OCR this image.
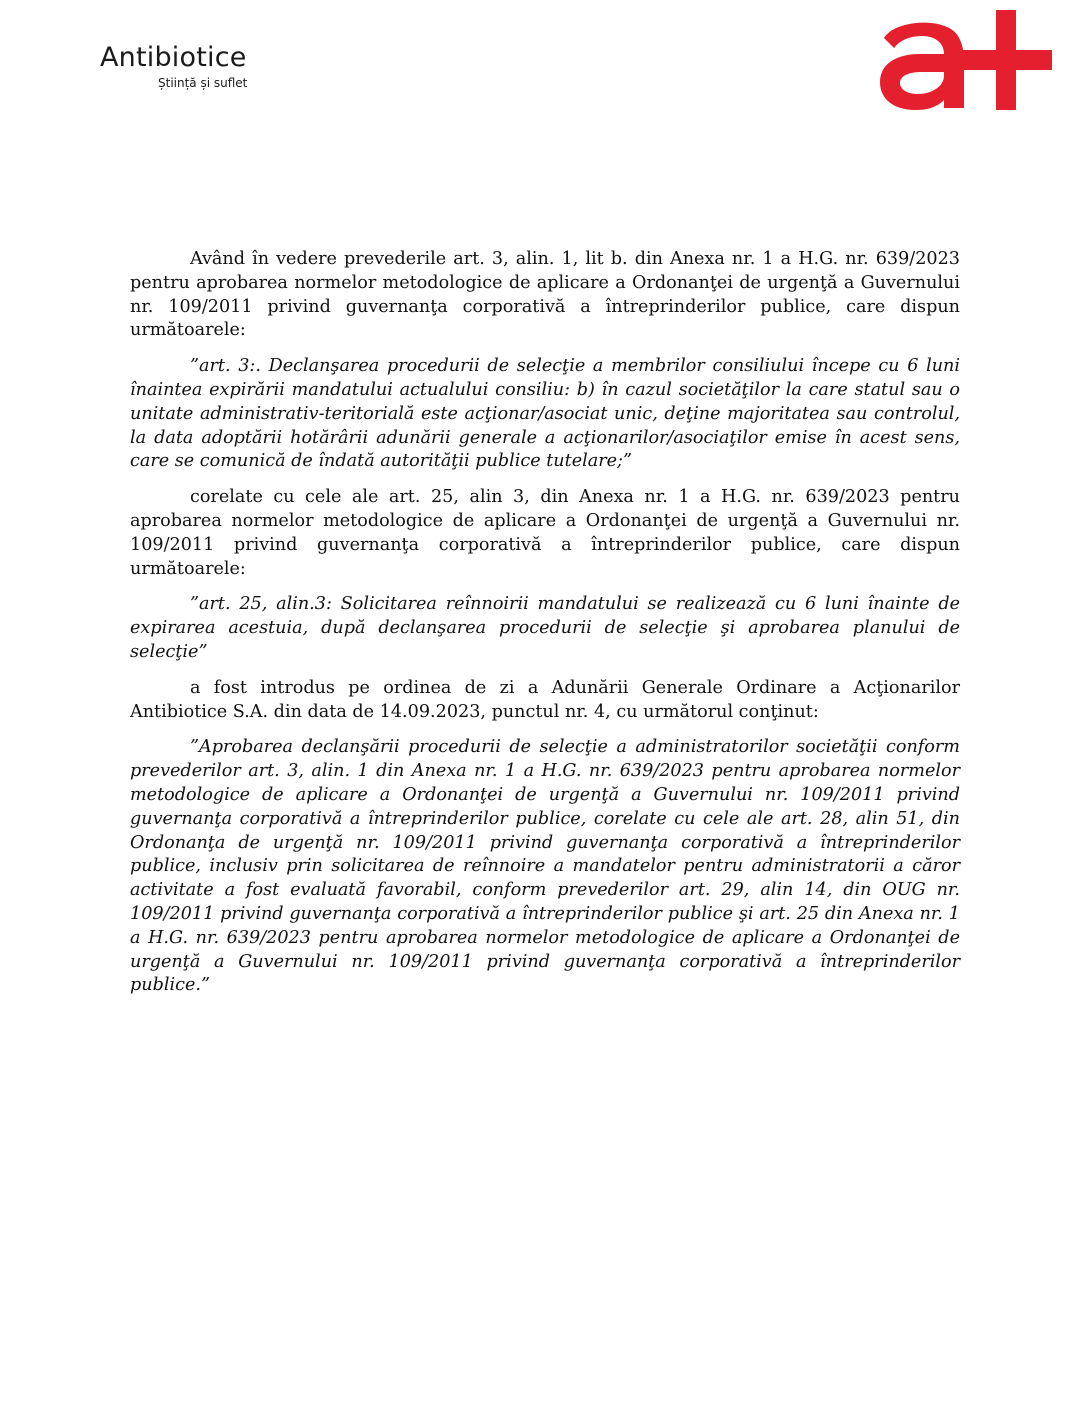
Antibiotice
Știință și suflet

Având în vedere prevederile art. 3, alin. 1, lit b. din Anexa nr. 1 a H.G. nr. 639/2023 pentru aprobarea normelor metodologice de aplicare a Ordonanţei de urgenţă a Guvernului nr. 109/2011 privind guvernanţa corporativă a întreprinderilor publice, care dispun următoarele:

”art. 3:. Declanşarea procedurii de selecţie a membrilor consiliului începe cu 6 luni înaintea expirării mandatului actualului consiliu: b) în cazul societăţilor la care statul sau o unitate administrativ-teritorială este acţionar/asociat unic, deţine majoritatea sau controlul, la data adoptării hotărârii adunării generale a acţionarilor/asociaţilor emise în acest sens, care se comunică de îndată autorităţii publice tutelare;”

corelate cu cele ale art. 25, alin 3, din Anexa nr. 1 a H.G. nr. 639/2023 pentru aprobarea normelor metodologice de aplicare a Ordonanţei de urgenţă a Guvernului nr. 109/2011 privind guvernanţa corporativă a întreprinderilor publice, care dispun următoarele:

”art. 25, alin.3: Solicitarea reînnoirii mandatului se realizează cu 6 luni înainte de expirarea acestuia, după declanşarea procedurii de selecţie şi aprobarea planului de selecţie”

a fost introdus pe ordinea de zi a Adunării Generale Ordinare a Acţionarilor Antibiotice S.A. din data de 14.09.2023, punctul nr. 4, cu următorul conţinut:

”Aprobarea declanşării procedurii de selecţie a administratorilor societăţii conform prevederilor art. 3, alin. 1 din Anexa nr. 1 a H.G. nr. 639/2023 pentru aprobarea normelor metodologice de aplicare a Ordonanţei de urgenţă a Guvernului nr. 109/2011 privind guvernanţa corporativă a întreprinderilor publice, corelate cu cele ale art. 28, alin 51, din Ordonanţa de urgenţă nr. 109/2011 privind guvernanţa corporativă a întreprinderilor publice, inclusiv prin solicitarea de reînnoire a mandatelor pentru administratorii a căror activitate a fost evaluată favorabil, conform prevederilor art. 29, alin 14, din OUG nr. 109/2011 privind guvernanţa corporativă a întreprinderilor publice şi art. 25 din Anexa nr. 1 a H.G. nr. 639/2023 pentru aprobarea normelor metodologice de aplicare a Ordonanţei de urgenţă a Guvernului nr. 109/2011 privind guvernanţa corporativă a întreprinderilor publice.”
